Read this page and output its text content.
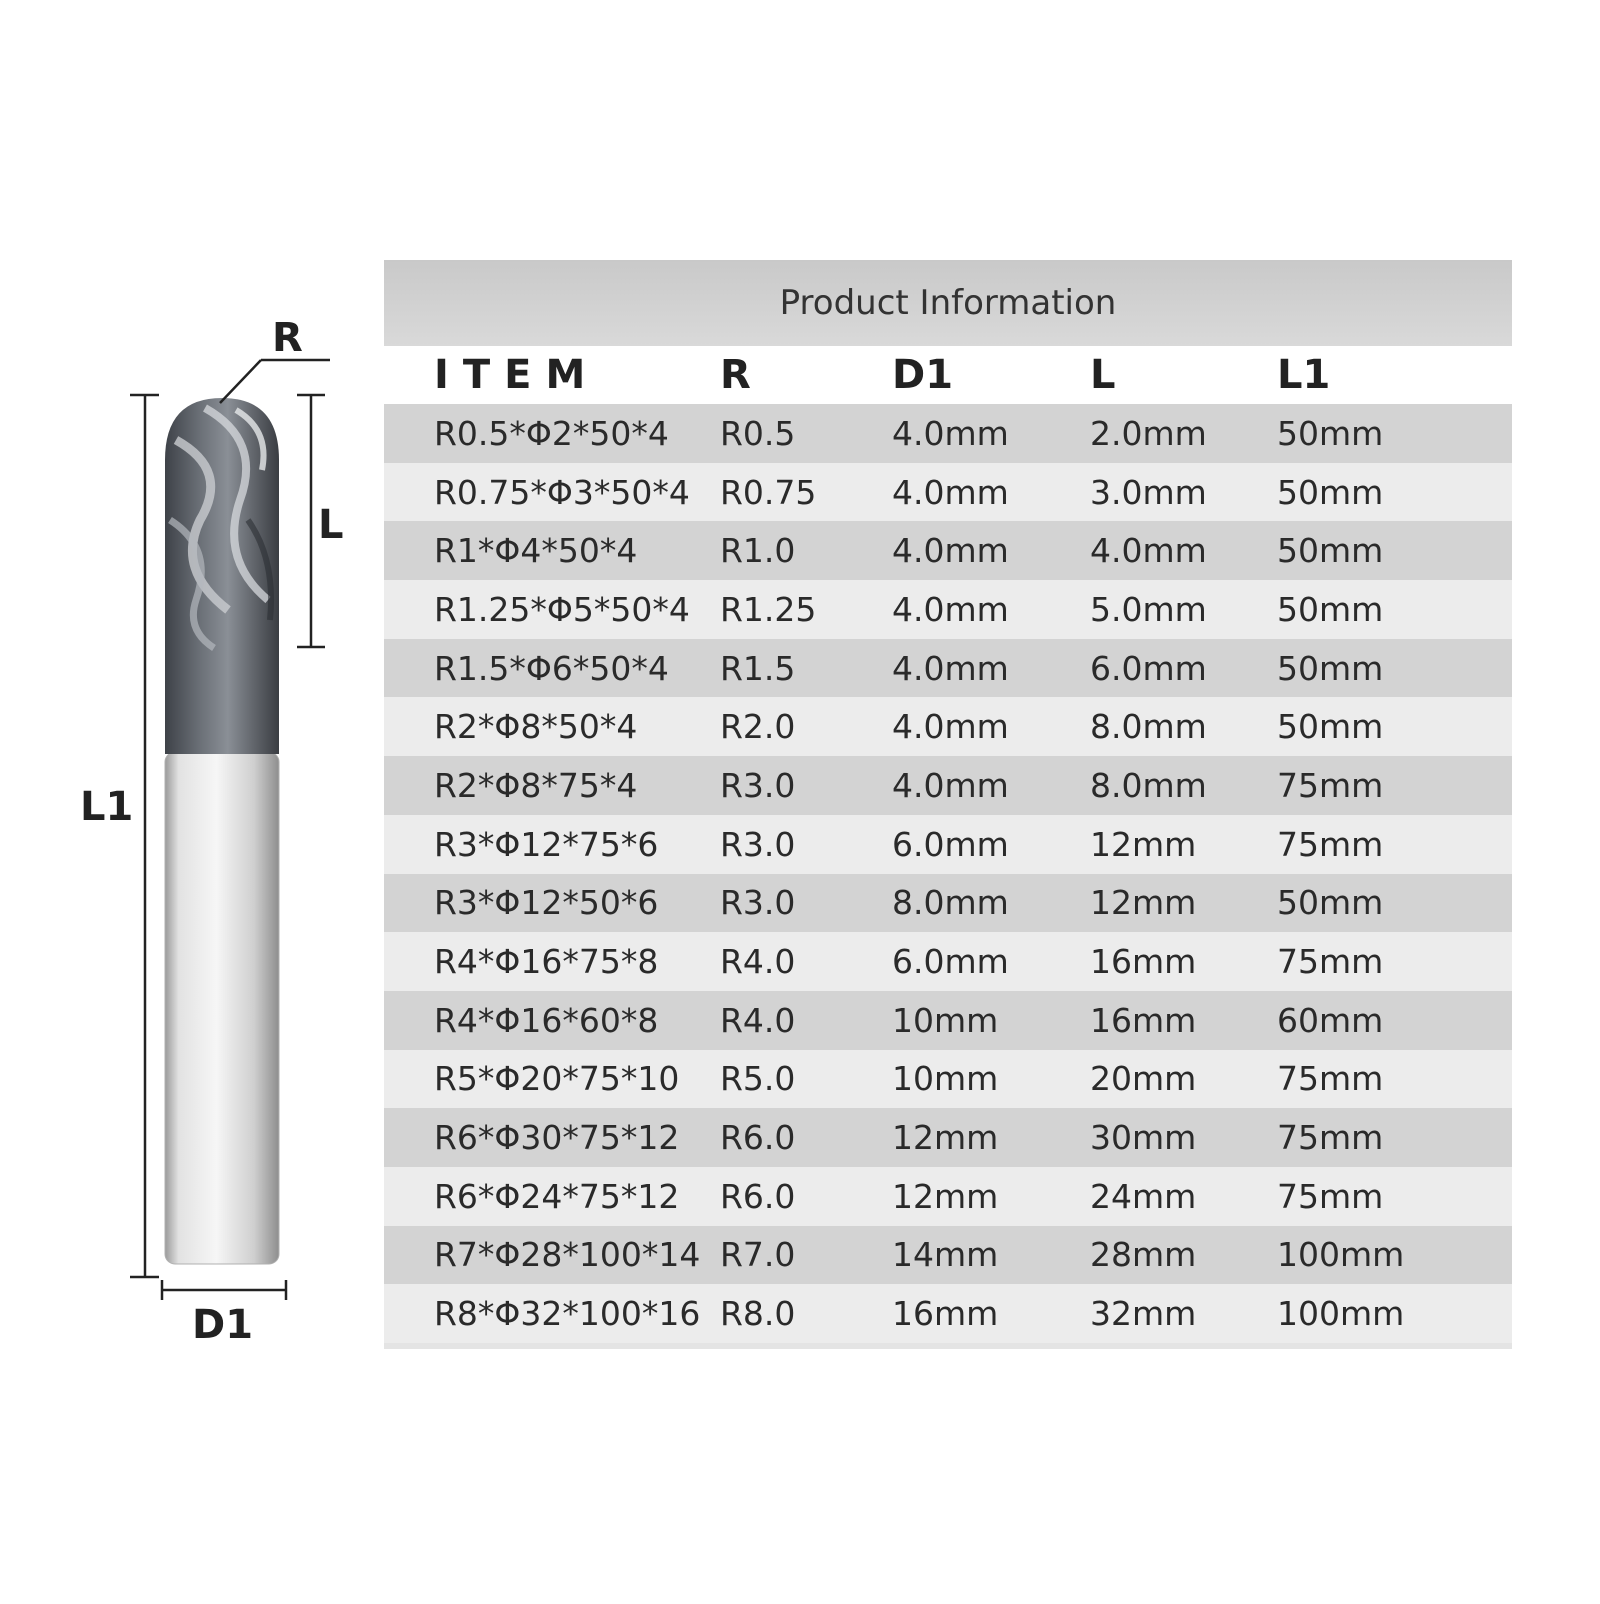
R
L
L1
D1
Product Information
ITEM	R	D1	L	L1
R0.5*Φ2*50*4	R0.5	4.0mm	2.0mm	50mm
R0.75*Φ3*50*4 R0.75	4.0mm	3.0mm	50mm
R1*Φ4*50*4	R1.0	4.0mm	4.0mm	50mm
R1.25*Φ5*50*4 R1.25	4.0mm	5.0mm	50mm
R1.5*Φ6*50*4	R1.5	4.0mm	6.0mm	50mm
R2*Φ8*50*4	R2.0	4.0mm	8.0mm	50mm
R2*Φ8*75*4	R3.0	4.0mm	8.0mm	75mm
R3*Φ12*75*6	R3.0	6.0mm	12mm	75mm
R3*Φ12*50*6	R3.0	8.0mm	12mm	50mm
R4*Φ16*75*8	R4.0	6.0mm	16mm	75mm
R4*Φ16*60*8	R4.0	10mm	16mm	60mm
R5*Φ20*75*10	R5.0	10mm	20mm	75mm
R6*Φ30*75*12	R6.0	12mm	30mm	75mm
R6*Φ24*75*12	R6.0	12mm	24mm	75mm
R7*Φ28*100*14 R7.0	14mm	28mm	100mm
R8*Φ32*100*16 R8.0	16mm	32mm	100mm
